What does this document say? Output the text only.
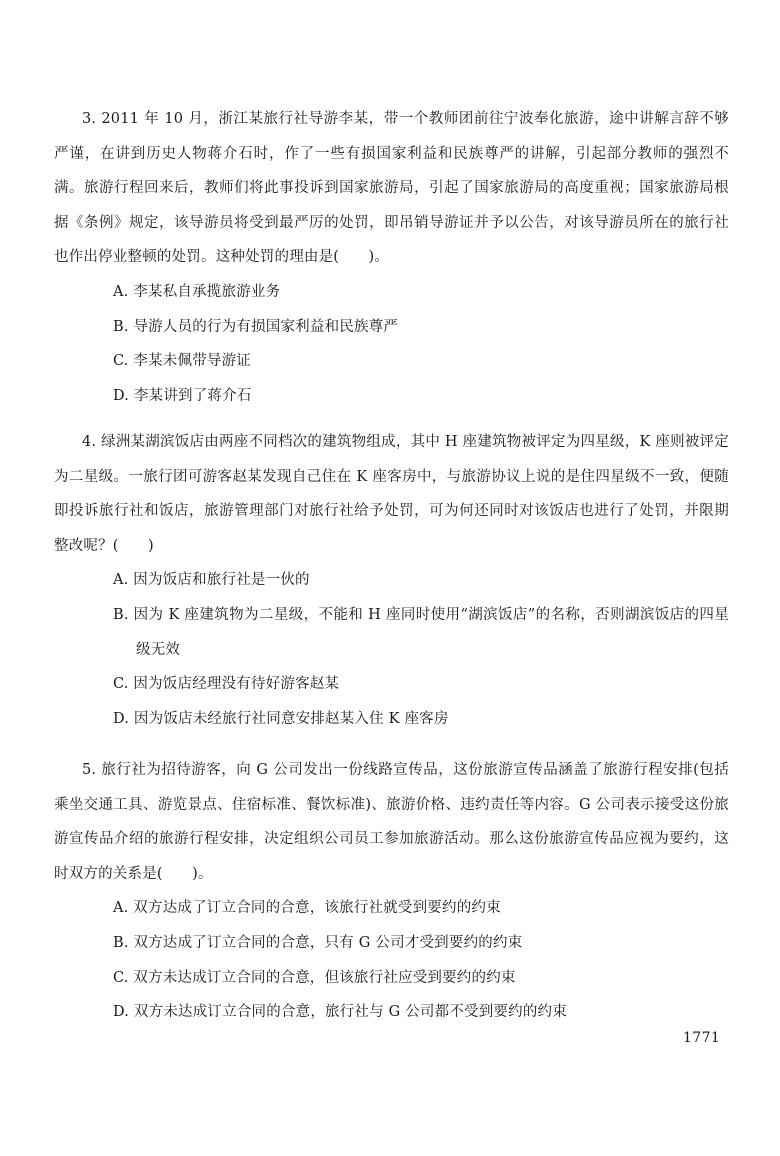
3. 2011 年 10 月，浙江某旅行社导游李某，带一个教师团前往宁波奉化旅游，途中讲解言辞不够严谨，在讲到历史人物蒋介石时，作了一些有损国家利益和民族尊严的讲解，引起部分教师的强烈不满。旅游行程回来后，教师们将此事投诉到国家旅游局，引起了国家旅游局的高度重视；国家旅游局根据《条例》规定，该导游员将受到最严厉的处罚，即吊销导游证并予以公告，对该导游员所在的旅行社也作出停业整顿的处罚。这种处罚的理由是(　　)。

A. 李某私自承揽旅游业务

B. 导游人员的行为有损国家利益和民族尊严

C. 李某未佩带导游证

D. 李某讲到了蒋介石

4. 绿洲某湖滨饭店由两座不同档次的建筑物组成，其中 H 座建筑物被评定为四星级，K 座则被评定为二星级。一旅行团可游客赵某发现自己住在 K 座客房中，与旅游协议上说的是住四星级不一致，便随即投诉旅行社和饭店，旅游管理部门对旅行社给予处罚，可为何还同时对该饭店也进行了处罚，并限期整改呢？(　　)

A. 因为饭店和旅行社是一伙的

B. 因为 K 座建筑物为二星级，不能和 H 座同时使用“湖滨饭店”的名称，否则湖滨饭店的四星级无效

C. 因为饭店经理没有待好游客赵某

D. 因为饭店未经旅行社同意安排赵某入住 K 座客房

5. 旅行社为招待游客，向 G 公司发出一份线路宣传品，这份旅游宣传品涵盖了旅游行程安排(包括乘坐交通工具、游览景点、住宿标准、餐饮标准)、旅游价格、违约责任等内容。G 公司表示接受这份旅游宣传品介绍的旅游行程安排，决定组织公司员工参加旅游活动。那么这份旅游宣传品应视为要约，这时双方的关系是(　　)。

A. 双方达成了订立合同的合意，该旅行社就受到要约的约束

B. 双方达成了订立合同的合意，只有 G 公司才受到要约的约束

C. 双方未达成订立合同的合意，但该旅行社应受到要约的约束

D. 双方未达成订立合同的合意，旅行社与 G 公司都不受到要约的约束

1771
